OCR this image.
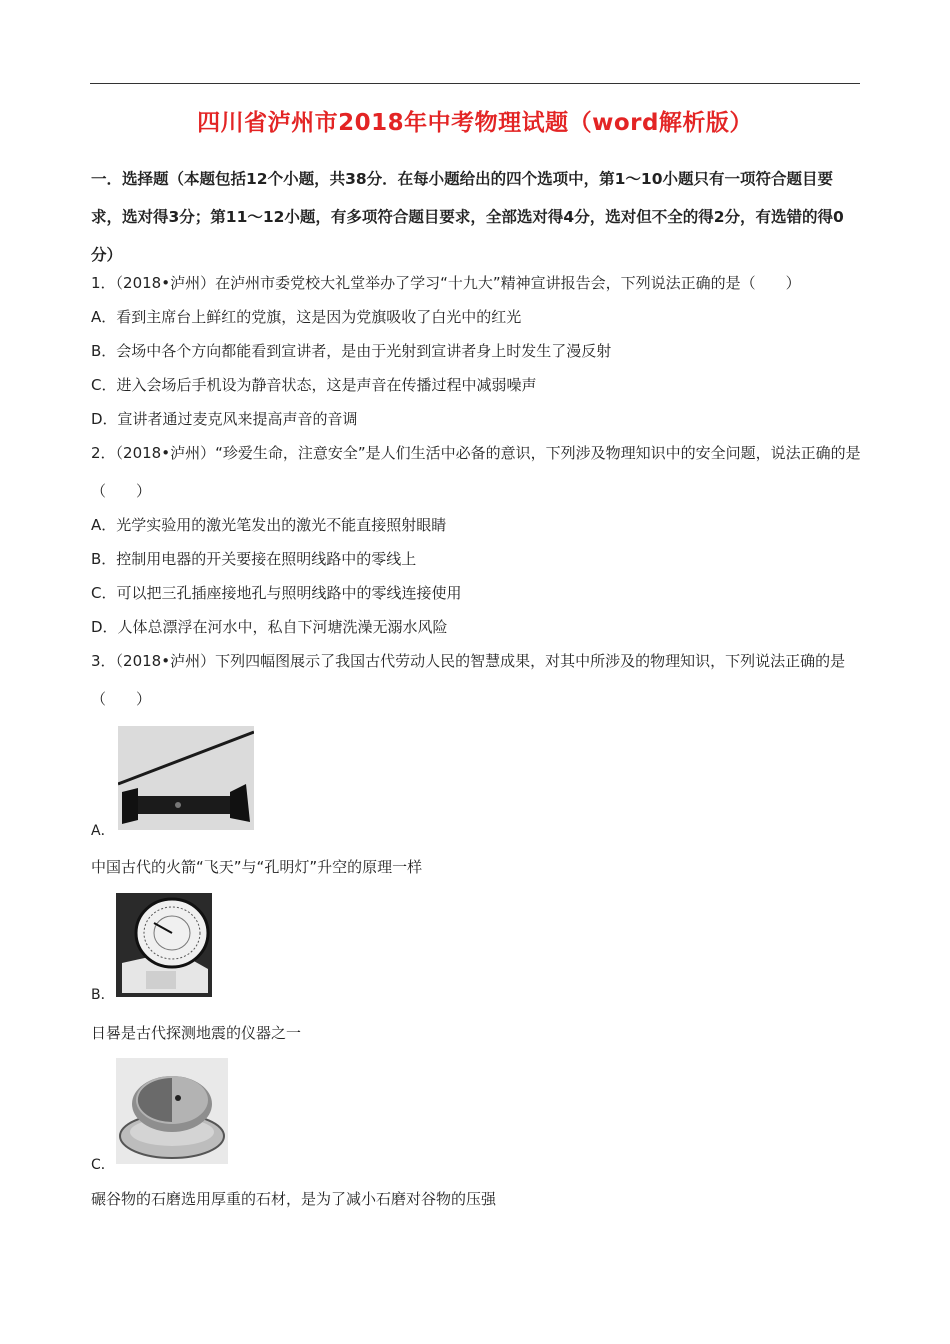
四川省泸州市2018年中考物理试题（word解析版）
一．选择题（本题包括12个小题，共38分．在每小题给出的四个选项中，第1～10小题只有一项符合题目要求，选对得3分；第11～12小题，有多项符合题目要求，全部选对得4分，选对但不全的得2分，有选错的得0分）
1．（2018•泸州）在泸州市委党校大礼堂举办了学习“十九大”精神宣讲报告会，下列说法正确的是（　　）
A．看到主席台上鲜红的党旗，这是因为党旗吸收了白光中的红光
B．会场中各个方向都能看到宣讲者，是由于光射到宣讲者身上时发生了漫反射
C．进入会场后手机设为静音状态，这是声音在传播过程中减弱噪声
D．宣讲者通过麦克风来提高声音的音调
2．（2018•泸州）“珍爱生命，注意安全”是人们生活中必备的意识，下列涉及物理知识中的安全问题，说法正确的是（　　）
A．光学实验用的激光笔发出的激光不能直接照射眼睛
B．控制用电器的开关要接在照明线路中的零线上
C．可以把三孔插座接地孔与照明线路中的零线连接使用
D．人体总漂浮在河水中，私自下河塘洗澡无溺水风险
3．（2018•泸州）下列四幅图展示了我国古代劳动人民的智慧成果，对其中所涉及的物理知识，下列说法正确的是（　　）
A．
中国古代的火箭“飞天”与“孔明灯”升空的原理一样
B．
日晷是古代探测地震的仪器之一
C．
碾谷物的石磨选用厚重的石材，是为了减小石磨对谷物的压强
